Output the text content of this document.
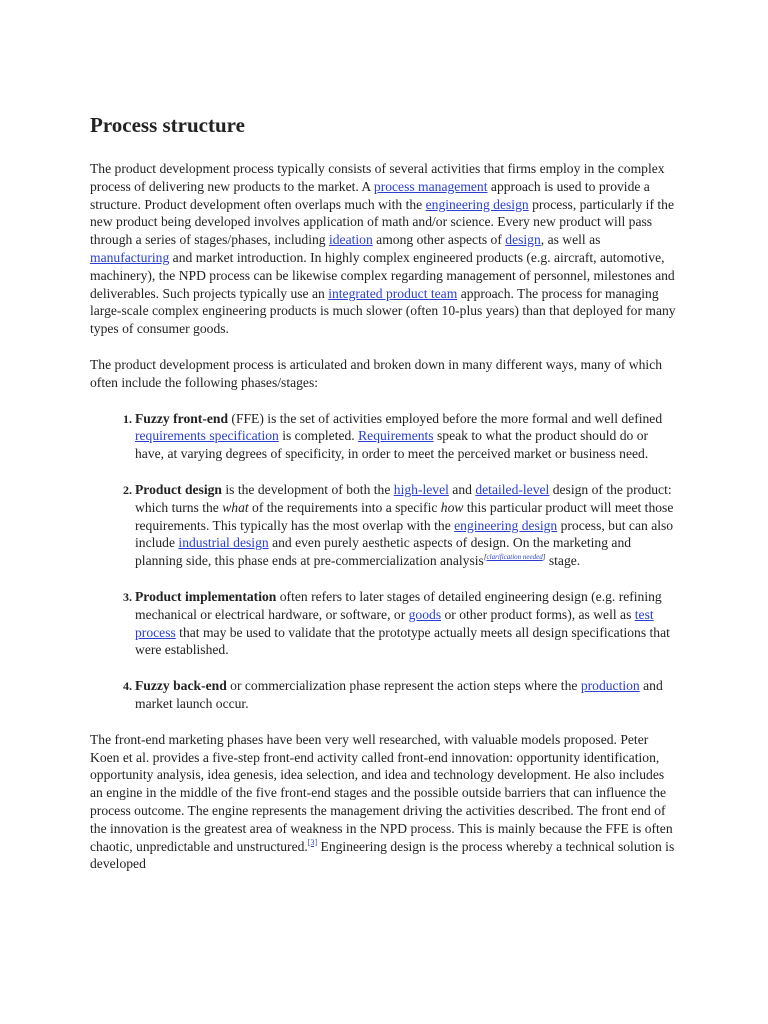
Process structure

The product development process typically consists of several activities that firms employ in the complex process of delivering new products to the market. A process management approach is used to provide a structure. Product development often overlaps much with the engineering design process, particularly if the new product being developed involves application of math and/or science. Every new product will pass through a series of stages/phases, including ideation among other aspects of design, as well as manufacturing and market introduction. In highly complex engineered products (e.g. aircraft, automotive, machinery), the NPD process can be likewise complex regarding management of personnel, milestones and deliverables. Such projects typically use an integrated product team approach. The process for managing large-scale complex engineering products is much slower (often 10-plus years) than that deployed for many types of consumer goods.

The product development process is articulated and broken down in many different ways, many of which often include the following phases/stages:

1. Fuzzy front-end (FFE) is the set of activities employed before the more formal and well defined requirements specification is completed. Requirements speak to what the product should do or have, at varying degrees of specificity, in order to meet the perceived market or business need.
2. Product design is the development of both the high-level and detailed-level design of the product: which turns the what of the requirements into a specific how this particular product will meet those requirements. This typically has the most overlap with the engineering design process, but can also include industrial design and even purely aesthetic aspects of design. On the marketing and planning side, this phase ends at pre-commercialization analysis[clarification needed] stage.
3. Product implementation often refers to later stages of detailed engineering design (e.g. refining mechanical or electrical hardware, or software, or goods or other product forms), as well as test process that may be used to validate that the prototype actually meets all design specifications that were established.
4. Fuzzy back-end or commercialization phase represent the action steps where the production and market launch occur.

The front-end marketing phases have been very well researched, with valuable models proposed. Peter Koen et al. provides a five-step front-end activity called front-end innovation: opportunity identification, opportunity analysis, idea genesis, idea selection, and idea and technology development. He also includes an engine in the middle of the five front-end stages and the possible outside barriers that can influence the process outcome. The engine represents the management driving the activities described. The front end of the innovation is the greatest area of weakness in the NPD process. This is mainly because the FFE is often chaotic, unpredictable and unstructured.[3] Engineering design is the process whereby a technical solution is developed
